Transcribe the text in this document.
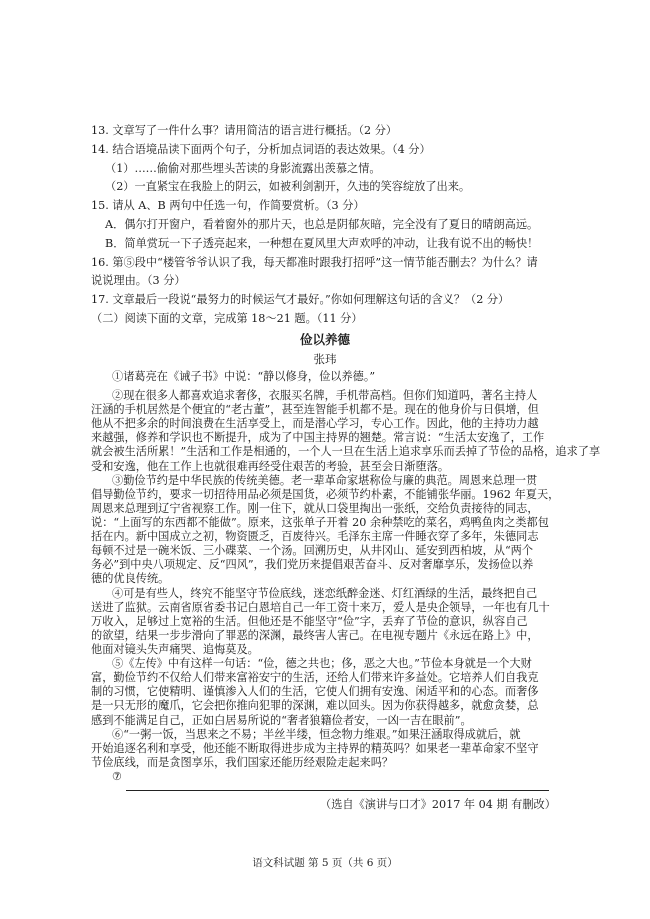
13. 文章写了一件什么事？请用简洁的语言进行概括。（2 分）
14. 结合语境品读下面两个句子，分析加点词语的表达效果。（4 分）
（1）……偷偷对那些埋头苦读的身影流露出羡慕之情。
（2）一直紧宝在我脸上的阴云，如被利剑割开，久违的笑容绽放了出来。
15. 请从 A、B 两句中任选一句，作简要赏析。（3 分）
A．偶尔打开窗户，看着窗外的那片天，也总是阴郁灰暗，完全没有了夏日的晴朗高远。
B．简单赏玩一下子透亮起来，一种想在夏风里大声欢呼的冲动，让我有说不出的畅快！
16. 第⑤段中“楼管爷爷认识了我，每天都准时跟我打招呼”这一情节能否删去？为什么？请
说说理由。（3 分）
17. 文章最后一段说“最努力的时候运气才最好。”你如何理解这句话的含义？（2 分）
（二）阅读下面的文章，完成第 18～21 题。（11 分）
俭以养德
张玮
①诸葛亮在《诫子书》中说：“静以修身，俭以养德。”
②现在很多人都喜欢追求奢侈，衣服买名牌，手机带高档。但你们知道吗，著名主持人
汪涵的手机居然是个便宜的“老古董”，甚至连智能手机都不是。现在的他身价与日俱增，但
他从不把多余的时间浪费在生活享受上，而是潜心学习，专心工作。因此，他的主持功力越
来越强，修养和学识也不断提升，成为了中国主持界的翘楚。常言说：“生活太安逸了，工作
就会被生活所累！”生活和工作是相通的，一个人一旦在生活上追求享乐而丢掉了节俭的品格，追求了享
受和安逸，他在工作上也就很难再经受住艰苦的考验，甚至会日渐堕落。
③勤俭节约是中华民族的传统美德。老一辈革命家堪称俭与廉的典范。周恩来总理一贯
倡导勤俭节约，要求一切招待用品必须是国货，必须节约朴素，不能铺张华丽。1962 年夏天，
周恩来总理到辽宁省视察工作。刚一住下，就从口袋里掏出一张纸，交给负责接待的同志，
说：“上面写的东西都不能做”。原来，这张单子开着 20 余种禁吃的菜名，鸡鸭鱼肉之类都包
括在内。新中国成立之初，物资匮乏，百废待兴。毛泽东主席一件睡衣穿了多年，朱德同志
每顿不过是一碗米饭、三小碟菜、一个汤。回溯历史，从井冈山、延安到西柏坡，从“两个
务必”到中央八项规定、反“四风”，我们党历来提倡艰苦奋斗、反对奢靡享乐，发扬俭以养
德的优良传统。
④可是有些人，终究不能坚守节俭底线，迷恋纸醉金迷、灯红酒绿的生活，最终把自己
送进了监狱。云南省原省委书记白恩培自己一年工资十来万，爱人是央企领导，一年也有几十
万收入，足够过上宽裕的生活。但他还是不能坚守“俭”字，丢弃了节俭的意识，纵容自己
的欲望，结果一步步滑向了罪恶的深渊，最终害人害己。在电视专题片《永远在路上》中，
他面对镜头失声痛哭、追悔莫及。
⑤《左传》中有这样一句话：“俭，德之共也；侈，恶之大也。”节俭本身就是一个大财
富，勤俭节约不仅给人们带来富裕安宁的生活，还给人们带来许多益处。它培养人们自我克
制的习惯，它使精明、谨慎渗入人们的生活，它使人们拥有安逸、闲适平和的心态。而奢侈
是一只无形的魔爪，它会把你推向犯罪的深渊，难以回头。因为你获得越多，就愈贪婪，总
感到不能满足自己，正如白居易所说的“奢者狼籍俭者安，一凶一吉在眼前”。
⑥“一粥一饭，当思来之不易；半丝半缕，恒念物力维艰。”如果汪涵取得成就后，就
开始追逐名利和享受，他还能不断取得进步成为主持界的精英吗？如果老一辈革命家不坚守
节俭底线，而是贪图享乐，我们国家还能历经艰险走起来吗？
⑦
（选自《演讲与口才》2017 年 04 期 有删改）
语文科试题 第 5 页（共 6 页）
